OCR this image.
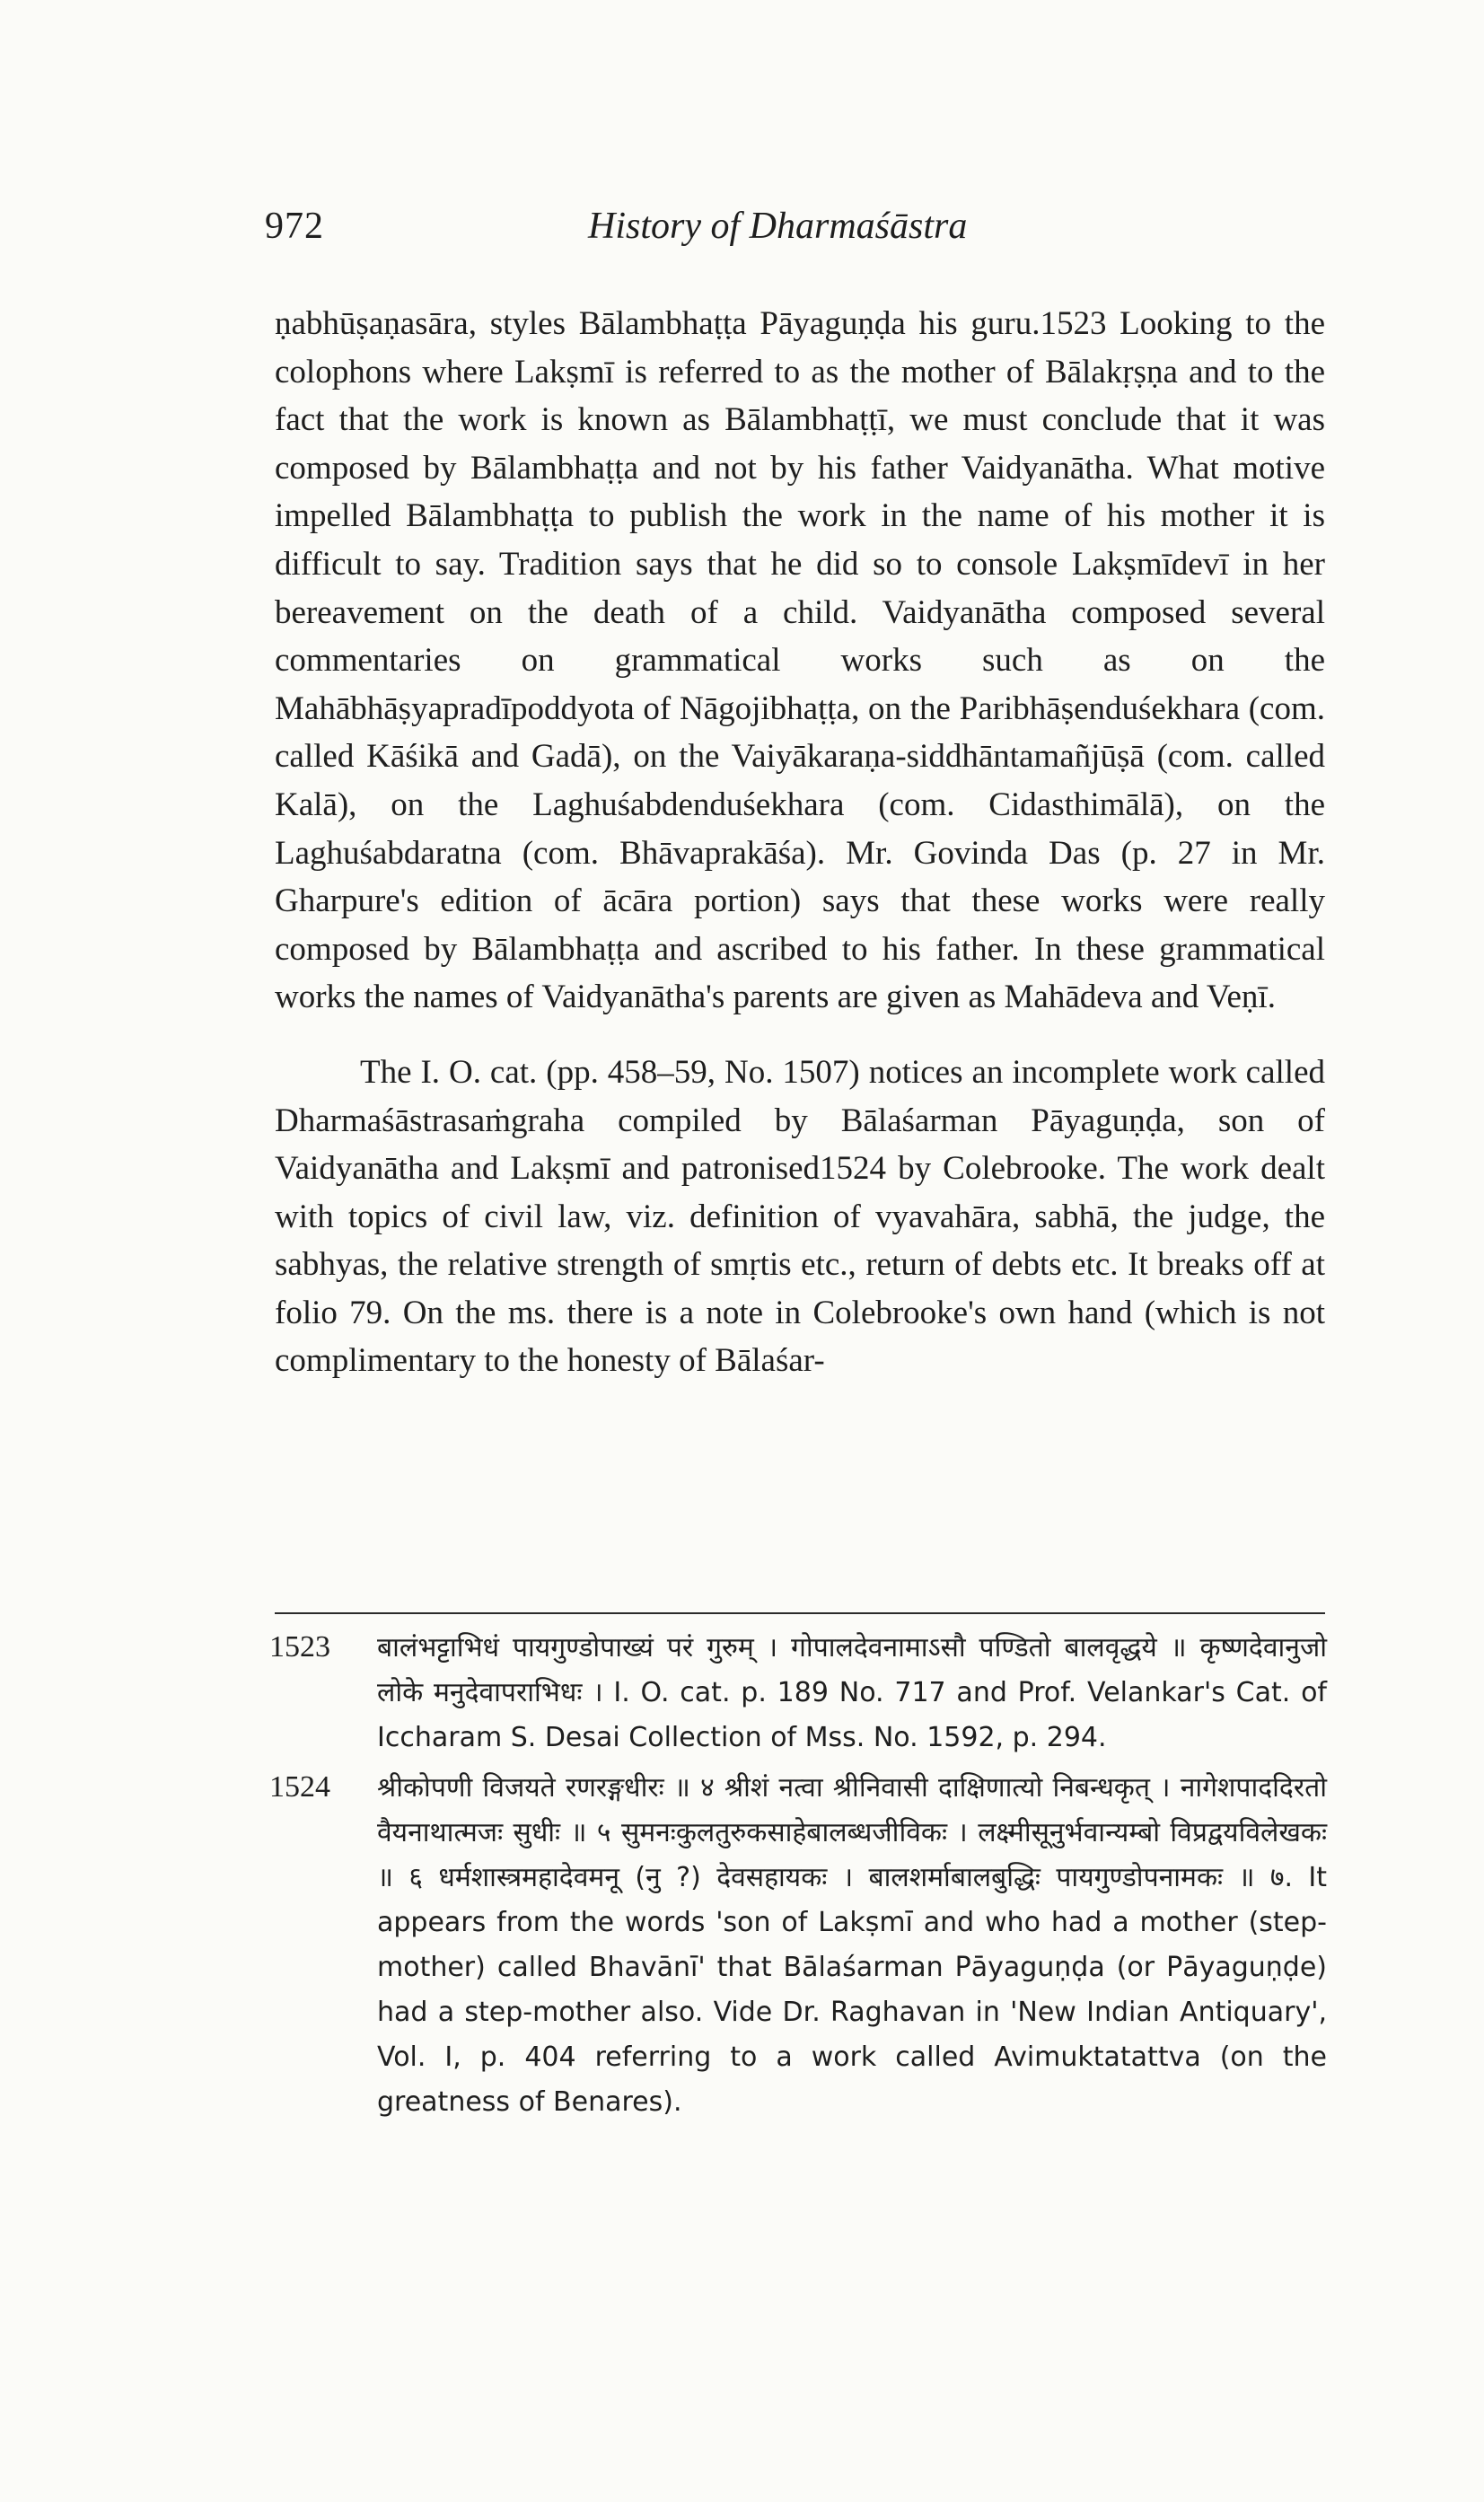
972	History of Dharmaśāstra

ṇabhūṣaṇasāra, styles Bālambhaṭṭa Pāyaguṇḍa his guru.1523 Looking to the colophons where Lakṣmī is referred to as the mother of Bālakṛṣṇa and to the fact that the work is known as Bālambhaṭṭī, we must conclude that it was composed by Bālambhaṭṭa and not by his father Vaidyanātha. What motive impelled Bālambhaṭṭa to publish the work in the name of his mother it is difficult to say. Tradition says that he did so to console Lakṣmīdevī in her bereavement on the death of a child. Vaidyanātha composed several commentaries on grammatical works such as on the Mahābhāṣyapradīpoddyota of Nāgojibhaṭṭa, on the Paribhāṣenduśekhara (com. called Kāśikā and Gadā), on the Vaiyākaraṇa-siddhāntamañjūṣā (com. called Kalā), on the Laghuśabdenduśekhara (com. Cidasthimālā), on the Laghuśabdaratna (com. Bhāvaprakāśa). Mr. Govinda Das (p. 27 in Mr. Gharpure's edition of ācāra portion) says that these works were really composed by Bālambhaṭṭa and ascribed to his father. In these grammatical works the names of Vaidyanātha's parents are given as Mahādeva and Veṇī.

The I. O. cat. (pp. 458–59, No. 1507) notices an incomplete work called Dharmaśāstrasaṁgraha compiled by Bālaśarman Pāyaguṇḍa, son of Vaidyanātha and Lakṣmī and patronised1524 by Colebrooke. The work dealt with topics of civil law, viz. definition of vyavahāra, sabhā, the judge, the sabhyas, the relative strength of smṛtis etc., return of debts etc. It breaks off at folio 79. On the ms. there is a note in Colebrooke's own hand (which is not complimentary to the honesty of Bālaśar-

1523 बालंभट्टाभिधं पायगुण्डोपाख्यं परं गुरुम् । गोपालदेवनामाऽसौ पण्डितो बालवृद्धये ॥ कृष्णदेवानुजो लोके मनुदेवापराभिधः । I. O. cat. p. 189 No. 717 and Prof. Velankar's Cat. of Iccharam S. Desai Collection of Mss. No. 1592, p. 294.
1524 श्रीकोपणी विजयते रणरङ्गधीरः ॥ ४ श्रीशं नत्वा श्रीनिवासी दाक्षिणात्यो निबन्धकृत् । नागेशपाददिरतो वैयनाथात्मजः सुधीः ॥ ५ सुमनःकुलतुरुकसाहेबालब्धजीविकः । लक्ष्मीसूनुर्भवान्यम्बो विप्रद्वयविलेखकः ॥ ६ धर्मशास्त्रमहादेवमनू (नु ?) देवसहायकः । बालशर्माबालबुद्धिः पायगुण्डोपनामकः ॥ ७. It appears from the words 'son of Lakṣmī and who had a mother (step-mother) called Bhavānī' that Bālaśarman Pāyaguṇḍa (or Pāyaguṇḍe) had a step-mother also. Vide Dr. Raghavan in 'New Indian Antiquary', Vol. I, p. 404 referring to a work called Avimuktatattva (on the greatness of Benares).
